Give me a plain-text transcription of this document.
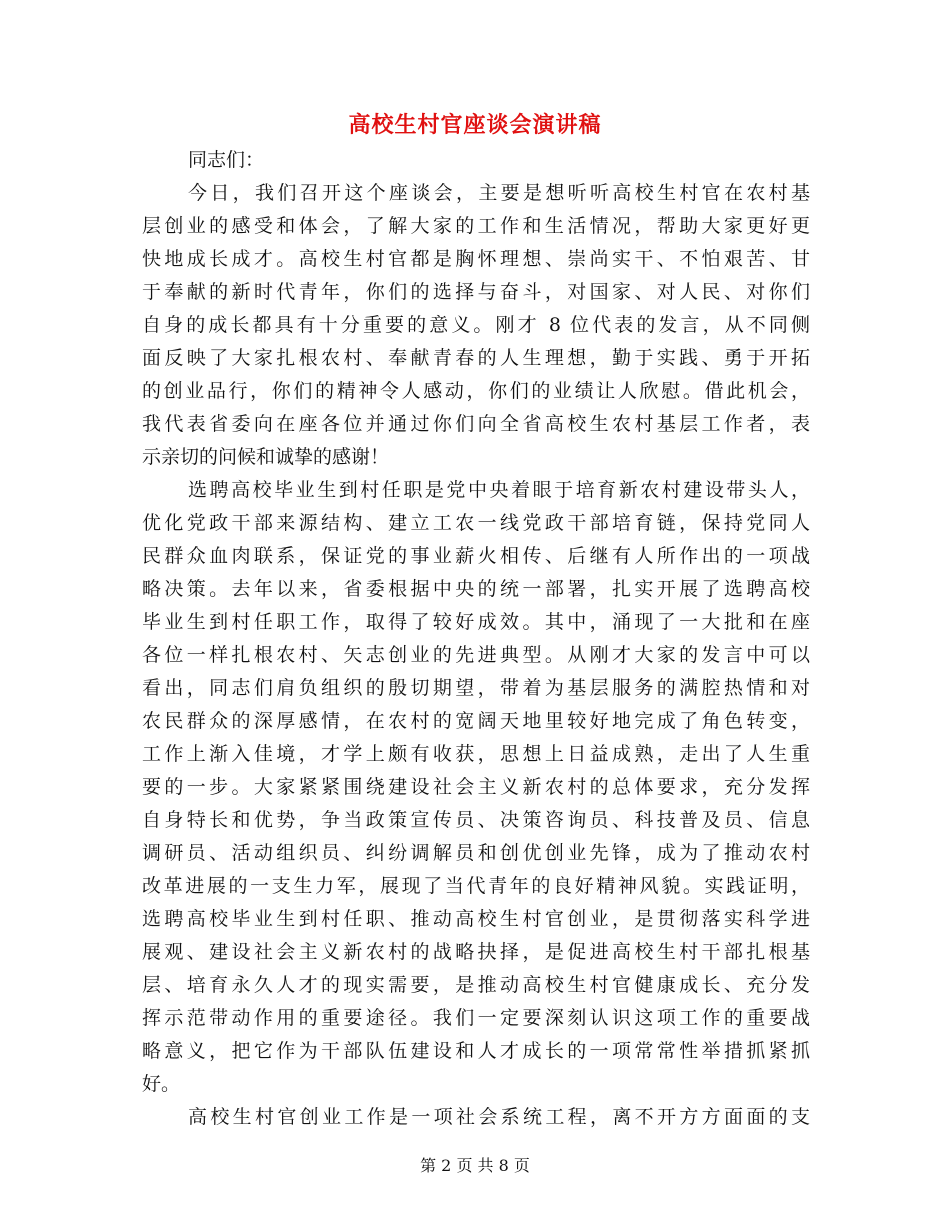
高校生村官座谈会演讲稿
同志们：
今日，我们召开这个座谈会，主要是想听听高校生村官在农村基
层创业的感受和体会，了解大家的工作和生活情况，帮助大家更好更
快地成长成才。高校生村官都是胸怀理想、崇尚实干、不怕艰苦、甘
于奉献的新时代青年，你们的选择与奋斗，对国家、对人民、对你们
自身的成长都具有十分重要的意义。刚才 8 位代表的发言，从不同侧
面反映了大家扎根农村、奉献青春的人生理想，勤于实践、勇于开拓
的创业品行，你们的精神令人感动，你们的业绩让人欣慰。借此机会，
我代表省委向在座各位并通过你们向全省高校生农村基层工作者，表
示亲切的问候和诚挚的感谢！
选聘高校毕业生到村任职是党中央着眼于培育新农村建设带头人，
优化党政干部来源结构、建立工农一线党政干部培育链，保持党同人
民群众血肉联系，保证党的事业薪火相传、后继有人所作出的一项战
略决策。去年以来，省委根据中央的统一部署，扎实开展了选聘高校
毕业生到村任职工作，取得了较好成效。其中，涌现了一大批和在座
各位一样扎根农村、矢志创业的先进典型。从刚才大家的发言中可以
看出，同志们肩负组织的殷切期望，带着为基层服务的满腔热情和对
农民群众的深厚感情，在农村的宽阔天地里较好地完成了角色转变，
工作上渐入佳境，才学上颇有收获，思想上日益成熟，走出了人生重
要的一步。大家紧紧围绕建设社会主义新农村的总体要求，充分发挥
自身特长和优势，争当政策宣传员、决策咨询员、科技普及员、信息
调研员、活动组织员、纠纷调解员和创优创业先锋，成为了推动农村
改革进展的一支生力军，展现了当代青年的良好精神风貌。实践证明，
选聘高校毕业生到村任职、推动高校生村官创业，是贯彻落实科学进
展观、建设社会主义新农村的战略抉择，是促进高校生村干部扎根基
层、培育永久人才的现实需要，是推动高校生村官健康成长、充分发
挥示范带动作用的重要途径。我们一定要深刻认识这项工作的重要战
略意义，把它作为干部队伍建设和人才成长的一项常常性举措抓紧抓
好。
高校生村官创业工作是一项社会系统工程，离不开方方面面的支
第 2 页 共 8 页
